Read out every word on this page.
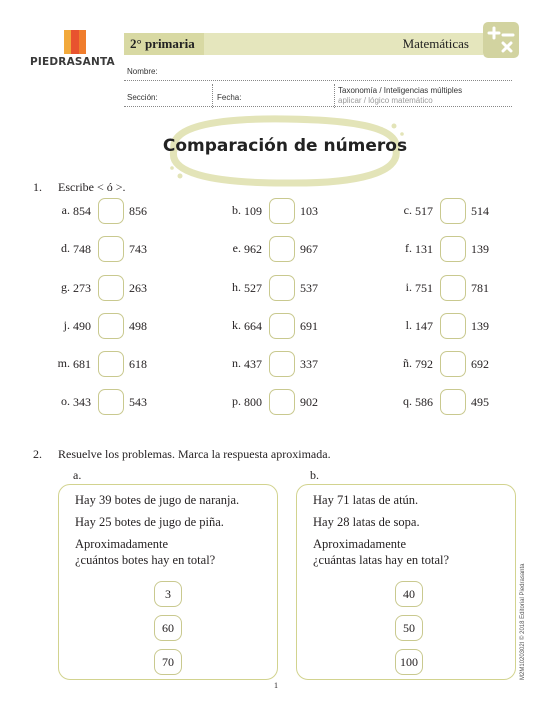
PIEDRASANTA
2° primaria	Matemáticas
Nombre:
Sección:	Fecha:
Taxonomía / Inteligencias múltiples
aplicar / lógico matemático
Comparación de números
1. Escribe < ó >.
a. 854	856	b. 109	103	c. 517	514
d. 748	743	e. 962	967	f. 131	139
g. 273	263	h. 527	537	i. 751	781
j. 490	498	k. 664	691	l. 147	139
m. 681	618	n. 437	337	ñ. 792	692
o. 343	543	p. 800	902	q. 586	495
2. Resuelve los problemas. Marca la respuesta aproximada.
a.

Hay 39 botes de jugo de naranja.

Hay 25 botes de jugo de piña.

Aproximadamente

¿cuántos botes hay en total?

3
60
70
b.

Hay 71 latas de atún.

Hay 28 latas de sopa.

Aproximadamente

¿cuántas latas hay en total?

40
50
100	M2M1020302I © 2018 Editorial Piedrasanta
1
